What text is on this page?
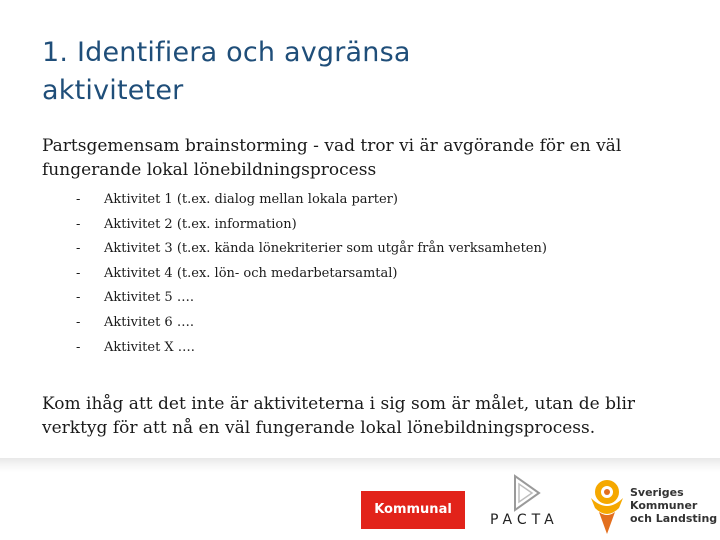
1. Identifiera och avgränsa
aktiviteter
Partsgemensam brainstorming - vad tror vi är avgörande för en väl
fungerande lokal lönebildningsprocess
-	Aktivitet 1 (t.ex. dialog mellan lokala parter)
-	Aktivitet 2 (t.ex. information)
-	Aktivitet 3 (t.ex. kända lönekriterier som utgår från verksamheten)
-	Aktivitet 4 (t.ex. lön- och medarbetarsamtal)
-	Aktivitet 5 ….
-	Aktivitet 6 ….
-	Aktivitet X ….
Kom ihåg att det inte är aktiviteterna i sig som är målet, utan de blir
verktyg för att nå en väl fungerande lokal lönebildningsprocess.
Kommunal
PACTA
Sveriges
Kommuner
och Landsting
